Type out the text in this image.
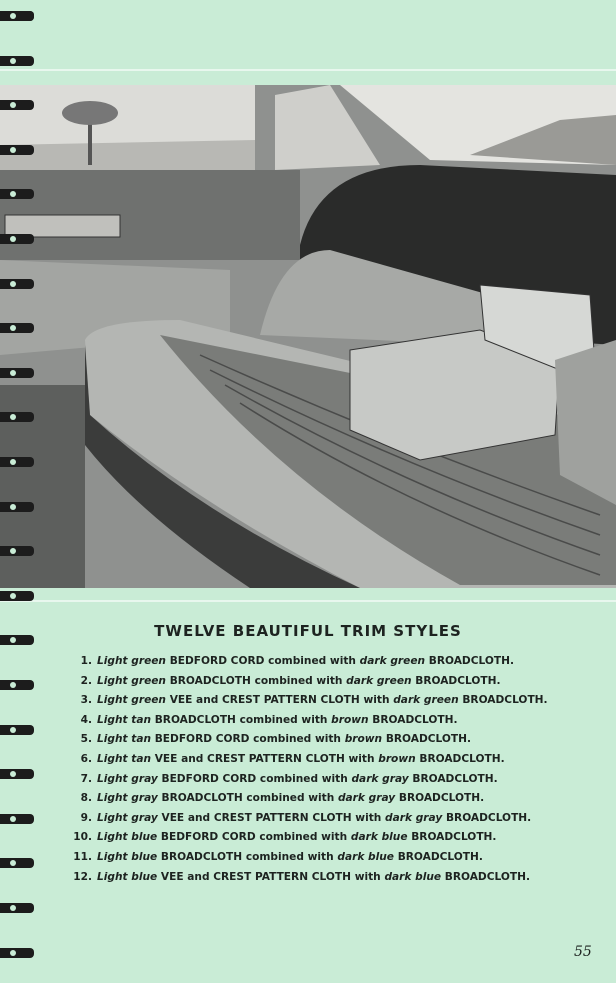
TWELVE BEAUTIFUL TRIM STYLES
1. Light green BEDFORD CORD combined with dark green BROADCLOTH.
2. Light green BROADCLOTH combined with dark green BROADCLOTH.
3. Light green VEE and CREST PATTERN CLOTH with dark green BROADCLOTH.
4. Light tan BROADCLOTH combined with brown BROADCLOTH.
5. Light tan BEDFORD CORD combined with brown BROADCLOTH.
6. Light tan VEE and CREST PATTERN CLOTH with brown BROADCLOTH.
7. Light gray BEDFORD CORD combined with dark gray BROADCLOTH.
8. Light gray BROADCLOTH combined with dark gray BROADCLOTH.
9. Light gray VEE and CREST PATTERN CLOTH with dark gray BROADCLOTH.
10. Light blue BEDFORD CORD combined with dark blue BROADCLOTH.
11. Light blue BROADCLOTH combined with dark blue BROADCLOTH.
12. Light blue VEE and CREST PATTERN CLOTH with dark blue BROADCLOTH.
55
